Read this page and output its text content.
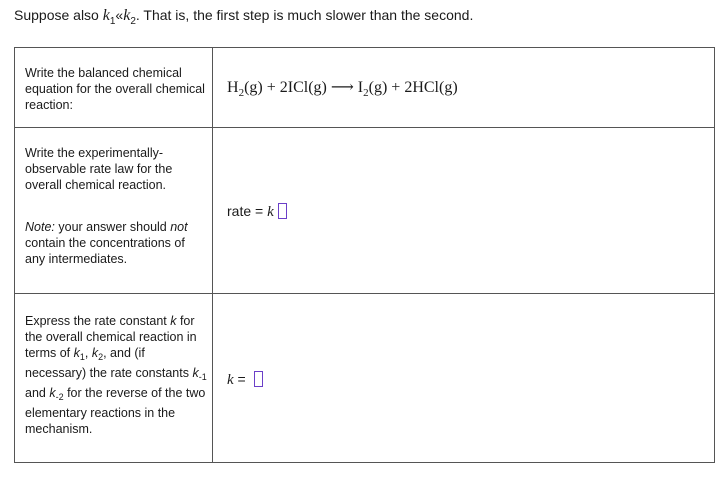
Suppose also $k_1«k_2$. That is, the first step is much slower than the second.

Write the balanced chemical equation for the overall chemical reaction:

$H_2(g) + 2ICl(g)$ ⟶ $I_2(g) + 2HCl(g)$

Write the experimentally-observable rate law for the overall chemical reaction.

Note: your answer should not contain the concentrations of any intermediates.

rate = k

Express the rate constant k for the overall chemical reaction in terms of $k_1$, $k_2$, and (if necessary) the rate constants $k_{-1}$ and $k_{-2}$ for the reverse of the two elementary reactions in the mechanism.

k =
